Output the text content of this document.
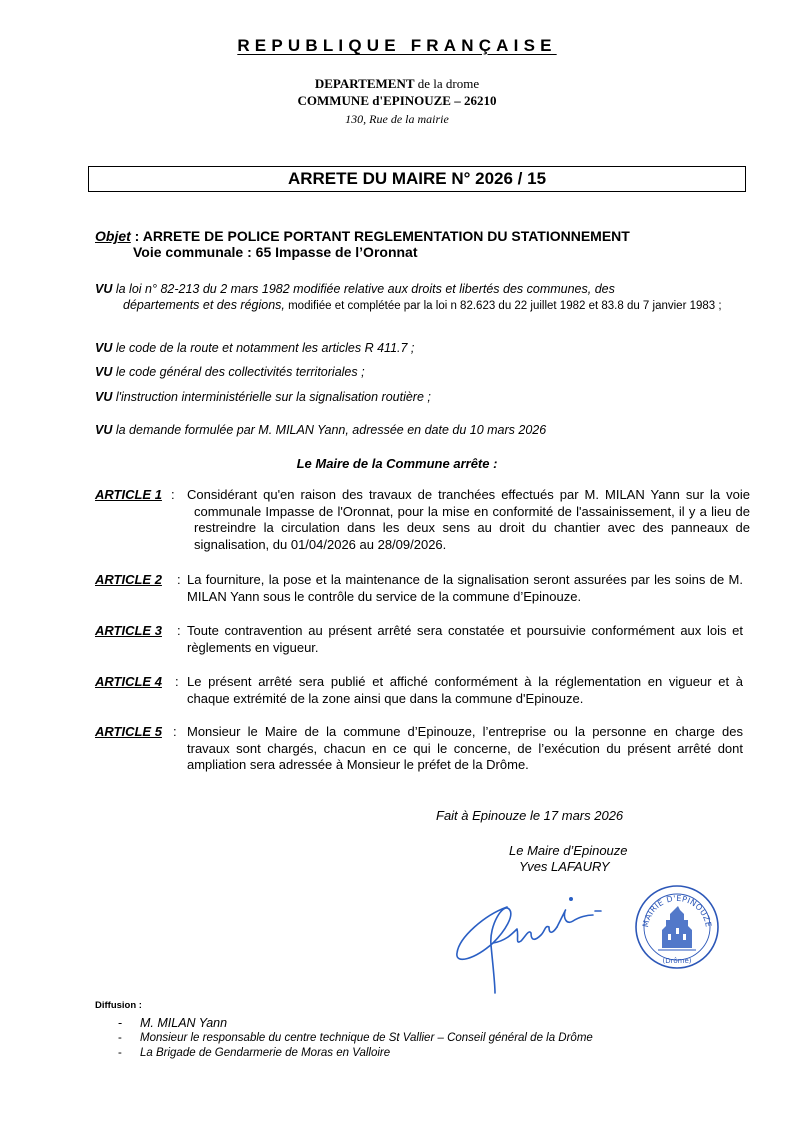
REPUBLIQUE FRANÇAISE
DEPARTEMENT de la drome
COMMUNE d'EPINOUZE – 26210
130, Rue de la mairie
ARRETE DU MAIRE N° 2026 / 15
Objet : ARRETE DE POLICE PORTANT REGLEMENTATION DU STATIONNEMENT
Voie communale : 65 Impasse de l’Oronnat
VU la loi n° 82-213 du 2 mars 1982 modifiée relative aux droits et libertés des communes, des
départements et des régions, modifiée et complétée par la loi n 82.623 du 22 juillet 1982 et 83.8 du 7 janvier 1983 ;
VU le code de la route et notamment les articles R 411.7 ;
VU le code général des collectivités territoriales ;
VU l'instruction interministérielle sur la signalisation routière ;
VU la demande formulée par M. MILAN Yann, adressée en date du 10 mars 2026
Le Maire de la Commune arrête :
ARTICLE 1 : Considérant qu'en raison des travaux de tranchées effectués par M. MILAN Yann sur la voie communale Impasse de l'Oronnat, pour la mise en conformité de l'assainissement, il y a lieu de restreindre la circulation dans les deux sens au droit du chantier avec des panneaux de signalisation, du 01/04/2026 au 28/09/2026.
ARTICLE 2 : La fourniture, la pose et la maintenance de la signalisation seront assurées par les soins de M. MILAN Yann sous le contrôle du service de la commune d’Epinouze.
ARTICLE 3 : Toute contravention au présent arrêté sera constatée et poursuivie conformément aux lois et règlements en vigueur.
ARTICLE 4 : Le présent arrêté sera publié et affiché conformément à la réglementation en vigueur et à chaque extrémité de la zone ainsi que dans la commune d'Epinouze.
ARTICLE 5 : Monsieur le Maire de la commune d’Epinouze, l’entreprise ou la personne en charge des travaux sont chargés, chacun en ce qui le concerne, de l’exécution du présent arrêté dont ampliation sera adressée à Monsieur le préfet de la Drôme.
Fait à Epinouze le 17 mars 2026
Le Maire d’Epinouze
Yves LAFAURY
MAIRIE D'EPINOUZE
(Drôme)
Diffusion :
- M. MILAN Yann
- Monsieur le responsable du centre technique de St Vallier – Conseil général de la Drôme
- La Brigade de Gendarmerie de Moras en Valloire
